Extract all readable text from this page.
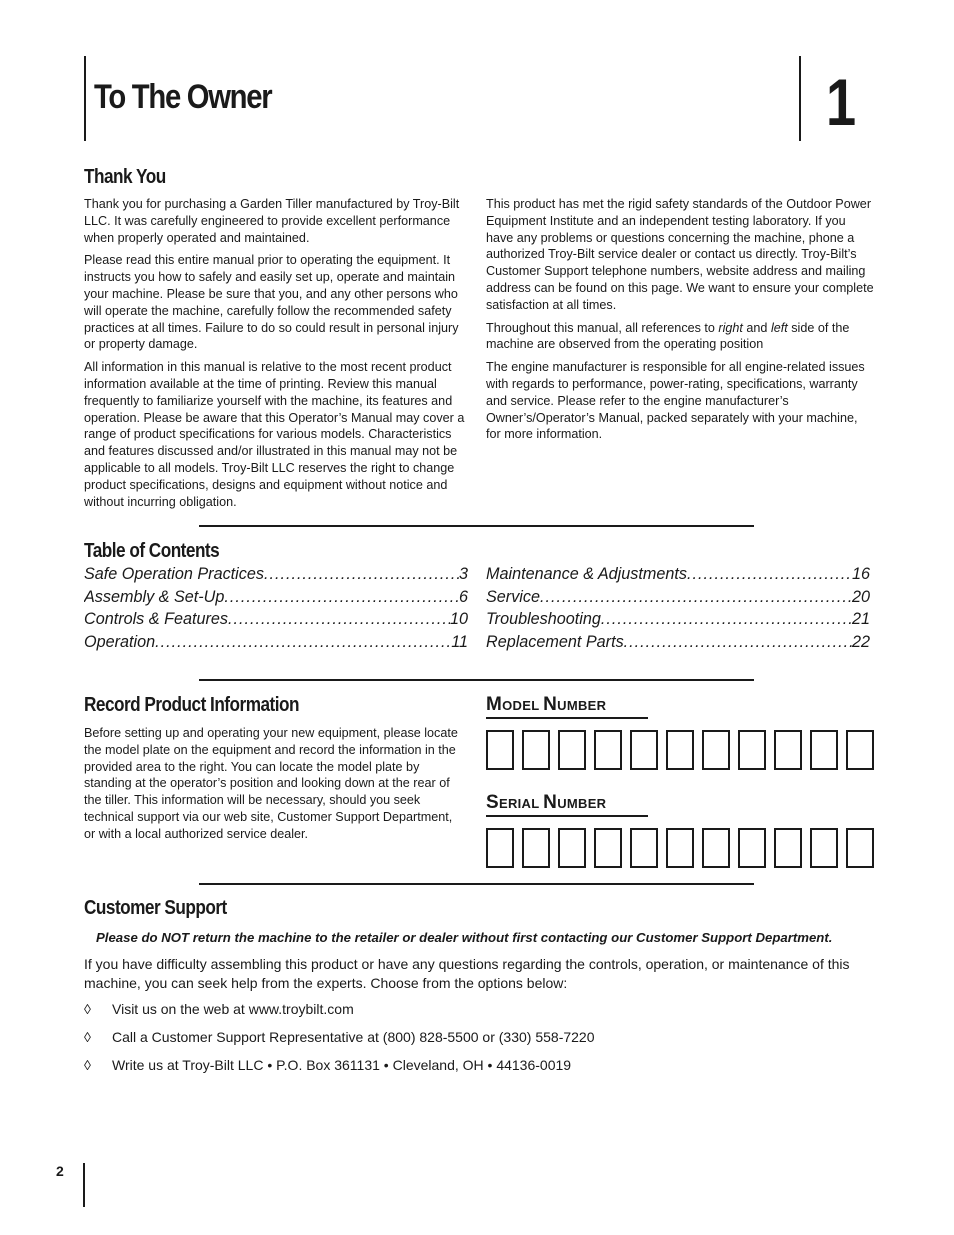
To The Owner	1
Thank You

Thank you for purchasing a Garden Tiller manufactured by Troy-Bilt LLC. It was carefully engineered to provide excellent performance when properly operated and maintained.

Please read this entire manual prior to operating the equipment. It instructs you how to safely and easily set up, operate and maintain your machine. Please be sure that you, and any other persons who will operate the machine, carefully follow the recommended safety practices at all times. Failure to do so could result in personal injury or property damage.

All information in this manual is relative to the most recent product information available at the time of printing. Review this manual frequently to familiarize yourself with the machine, its features and operation. Please be aware that this Operator’s Manual may cover a range of product specifications for various models. Characteristics and features discussed and/or illustrated in this manual may not be applicable to all models. Troy-Bilt LLC reserves the right to change product specifications, designs and equipment without notice and without incurring obligation.

This product has met the rigid safety standards of the Outdoor Power Equipment Institute and an independent testing laboratory. If you have any problems or questions concerning the machine, phone a authorized Troy-Bilt service dealer or contact us directly. Troy-Bilt’s Customer Support telephone numbers, website address and mailing address can be found on this page. We want to ensure your complete satisfaction at all times.

Throughout this manual, all references to right and left side of the machine are observed from the operating position

The engine manufacturer is responsible for all engine-related issues with regards to performance, power-rating, specifications, warranty and service. Please refer to the engine manufacturer’s Owner’s/Operator’s Manual, packed separately with your machine, for more information.

Table of Contents
Safe Operation Practices .....	3
Assembly & Set-Up .....	6
Controls & Features .....	10
Operation .....	11
Maintenance & Adjustments .....	16
Service .....	20
Troubleshooting .....	21
Replacement Parts .....	22
Record Product Information
Before setting up and operating your new equipment, please locate the model plate on the equipment and record the information in the provided area to the right. You can locate the model plate by standing at the operator’s position and looking down at the rear of the tiller. This information will be necessary, should you seek technical support via our web site, Customer Support Department, or with a local authorized service dealer.
MODEL NUMBER
SERIAL NUMBER
Customer Support
Please do NOT return the machine to the retailer or dealer without first contacting our Customer Support Department.
If you have difficulty assembling this product or have any questions regarding the controls, operation, or maintenance of this machine, you can seek help from the experts. Choose from the options below:
◊ Visit us on the web at www.troybilt.com
◊ Call a Customer Support Representative at (800) 828-5500 or (330) 558-7220
◊ Write us at Troy-Bilt LLC • P.O. Box 361131 • Cleveland, OH • 44136-0019
2
